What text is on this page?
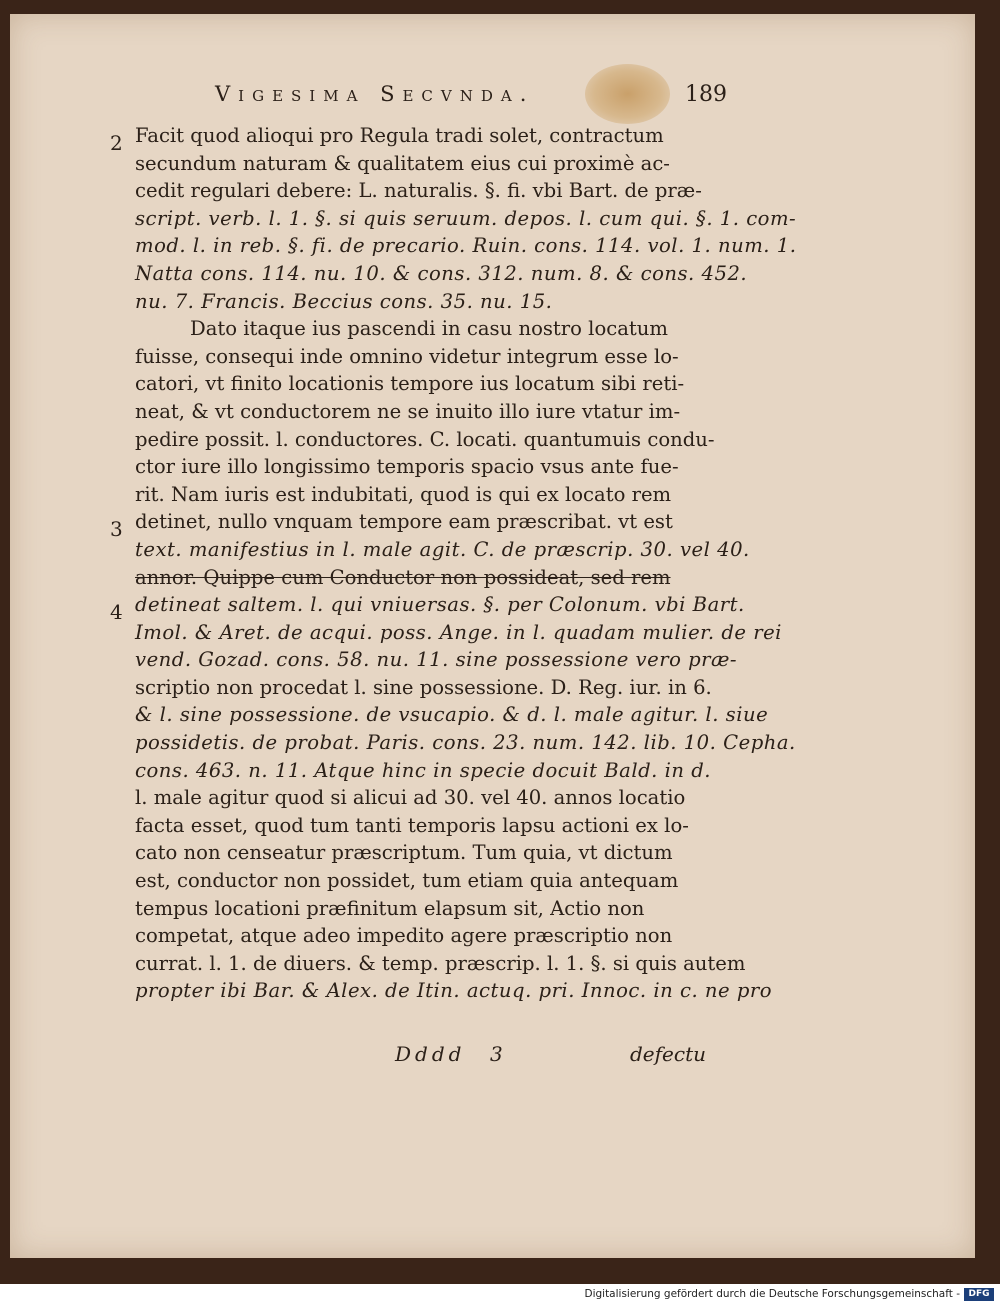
Vigesima Secvnda.	189
2
3
4
Facit quod alioqui pro Regula tradi solet, contractum
secundum naturam & qualitatem eius cui proximè ac-
cedit regulari debere: L. naturalis. §. fi. vbi Bart. de præ-
script. verb. l. 1. §. si quis seruum. depos. l. cum qui. §. 1. com-
mod. l. in reb. §. fi. de precario. Ruin. cons. 114. vol. 1. num. 1.
Natta cons. 114. nu. 10. & cons. 312. num. 8. & cons. 452.
nu. 7. Francis. Beccius cons. 35. nu. 15.
Dato itaque ius pascendi in casu nostro locatum
fuisse, consequi inde omnino videtur integrum esse lo-
catori, vt finito locationis tempore ius locatum sibi reti-
neat, & vt conductorem ne se inuito illo iure vtatur im-
pedire possit. l. conductores. C. locati. quantumuis condu-
ctor iure illo longissimo temporis spacio vsus ante fue-
rit. Nam iuris est indubitati, quod is qui ex locato rem
detinet, nullo vnquam tempore eam præscribat. vt est
text. manifestius in l. male agit. C. de præscrip. 30. vel 40.
annor. Quippe cum Conductor non possideat, sed rem
detineat saltem. l. qui vniuersas. §. per Colonum. vbi Bart.
Imol. & Aret. de acqui. poss. Ange. in l. quadam mulier. de rei
vend. Gozad. cons. 58. nu. 11. sine possessione vero præ-
scriptio non procedat l. sine possessione. D. Reg. iur. in 6.
& l. sine possessione. de vsucapio. & d. l. male agitur. l. siue
possidetis. de probat. Paris. cons. 23. num. 142. lib. 10. Cepha.
cons. 463. n. 11. Atque hinc in specie docuit Bald. in d.
l. male agitur quod si alicui ad 30. vel 40. annos locatio
facta esset, quod tum tanti temporis lapsu actioni ex lo-
cato non censeatur præscriptum. Tum quia, vt dictum
est, conductor non possidet, tum etiam quia antequam
tempus locationi præfinitum elapsum sit, Actio non
competat, atque adeo impedito agere præscriptio non
currat. l. 1. de diuers. & temp. præscrip. l. 1. §. si quis autem
propter ibi Bar. & Alex. de Itin. actuq. pri. Innoc. in c. ne pro
Dddd 3	defectu
Digitalisierung gefördert durch die Deutsche Forschungsgemeinschaft - DFG
